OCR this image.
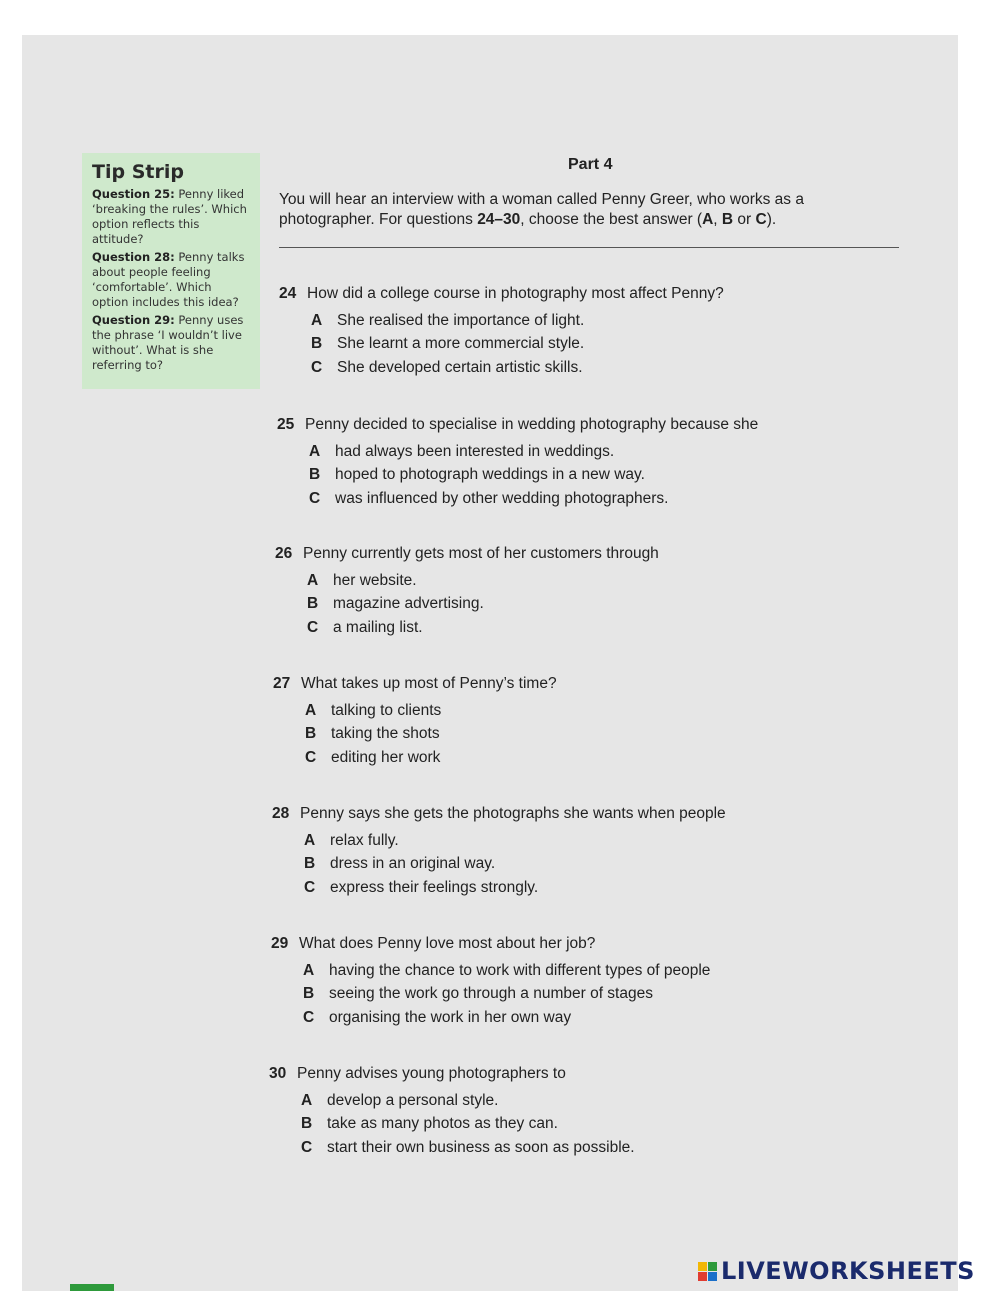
Tip Strip
Question 25: Penny liked ‘breaking the rules’. Which option reflects this attitude?
Question 28: Penny talks about people feeling ‘comfortable’. Which option includes this idea?
Question 29: Penny uses the phrase ‘I wouldn’t live without’. What is she referring to?
Part 4
You will hear an interview with a woman called Penny Greer, who works as a photographer. For questions 24–30, choose the best answer (A, B or C).
24 How did a college course in photography most affect Penny?
A She realised the importance of light.
B She learnt a more commercial style.
C She developed certain artistic skills.
25 Penny decided to specialise in wedding photography because she
A had always been interested in weddings.
B hoped to photograph weddings in a new way.
C was influenced by other wedding photographers.
26 Penny currently gets most of her customers through
A her website.
B magazine advertising.
C a mailing list.
27 What takes up most of Penny’s time?
A talking to clients
B taking the shots
C editing her work
28 Penny says she gets the photographs she wants when people
A relax fully.
B dress in an original way.
C express their feelings strongly.
29 What does Penny love most about her job?
A having the chance to work with different types of people
B seeing the work go through a number of stages
C organising the work in her own way
30 Penny advises young photographers to
A develop a personal style.
B take as many photos as they can.
C start their own business as soon as possible.
LIVEWORKSHEETS
